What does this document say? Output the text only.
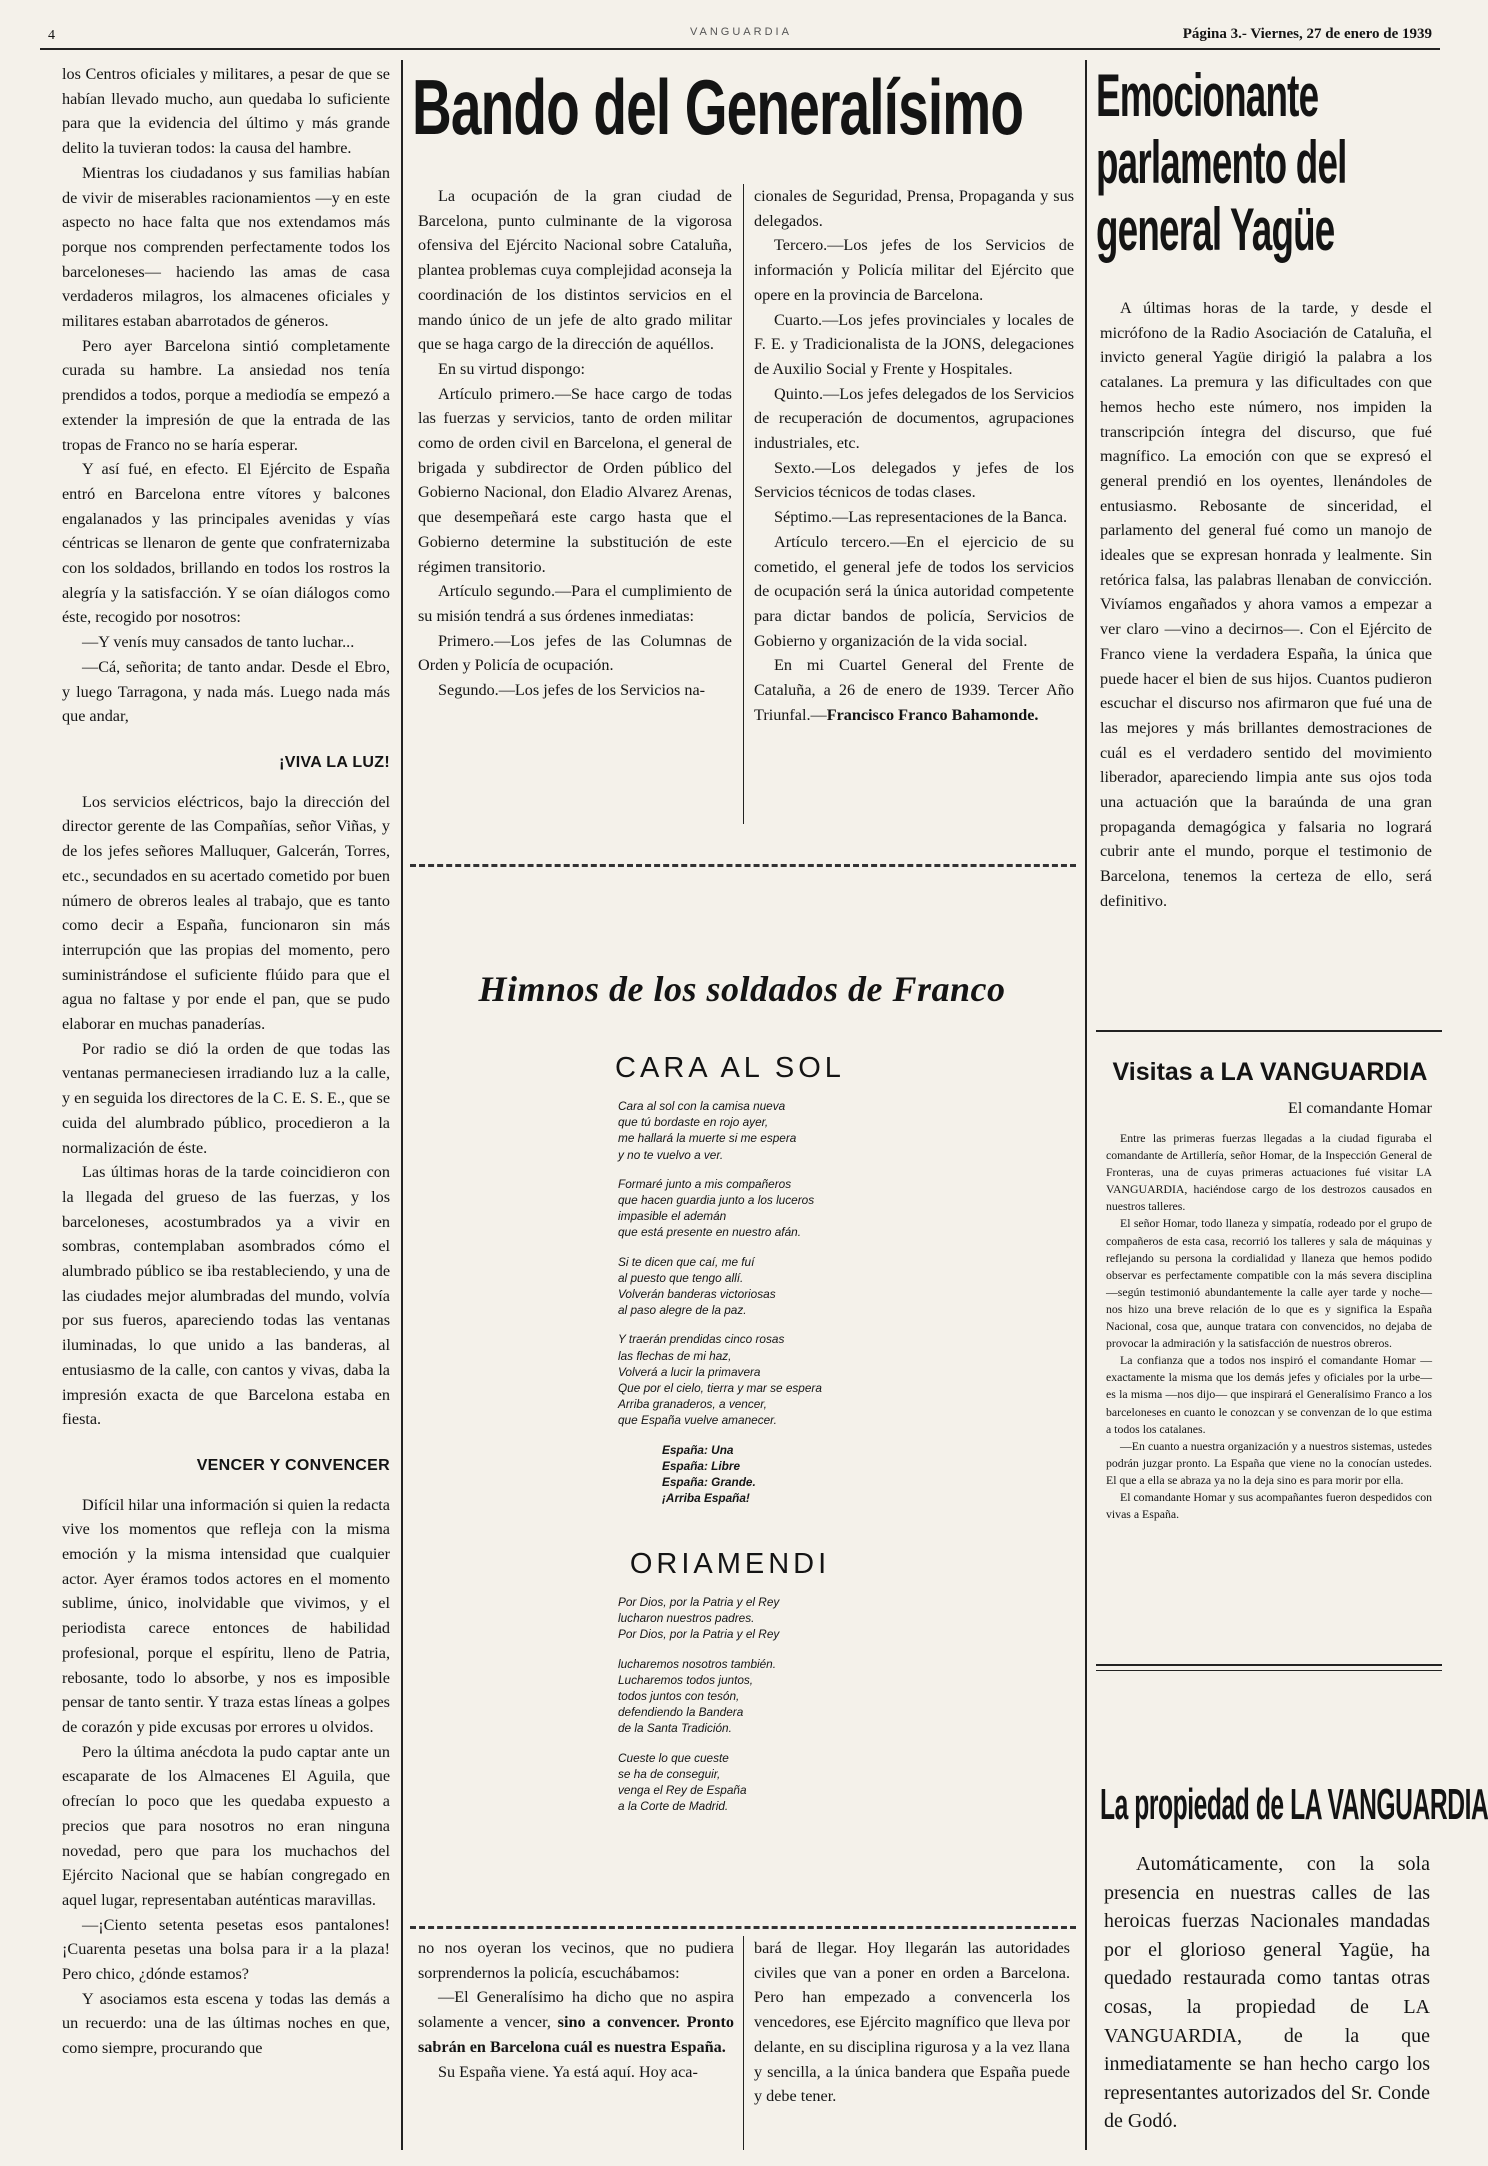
4	VANGUARDIA	Página 3.- Viernes, 27 de enero de 1939

los Centros oficiales y militares, a pesar de que se habían llevado mucho, aun quedaba lo suficiente para que la evidencia del último y más grande delito la tuvieran todos: la causa del hambre.

Mientras los ciudadanos y sus familias habían de vivir de miserables racionamientos —y en este aspecto no hace falta que nos extendamos más porque nos comprenden perfectamente todos los barceloneses— haciendo las amas de casa verdaderos milagros, los almacenes oficiales y militares estaban abarrotados de géneros.

Pero ayer Barcelona sintió completamente curada su hambre. La ansiedad nos tenía prendidos a todos, porque a mediodía se empezó a extender la impresión de que la entrada de las tropas de Franco no se haría esperar.

Y así fué, en efecto. El Ejército de España entró en Barcelona entre vítores y balcones engalanados y las principales avenidas y vías céntricas se llenaron de gente que confraternizaba con los soldados, brillando en todos los rostros la alegría y la satisfacción. Y se oían diálogos como éste, recogido por nosotros:

—Y venís muy cansados de tanto luchar...

—Cá, señorita; de tanto andar. Desde el Ebro, y luego Tarragona, y nada más. Luego nada más que andar,

¡VIVA LA LUZ!

Los servicios eléctricos, bajo la dirección del director gerente de las Compañías, señor Viñas, y de los jefes señores Malluquer, Galcerán, Torres, etc., secundados en su acertado cometido por buen número de obreros leales al trabajo, que es tanto como decir a España, funcionaron sin más interrupción que las propias del momento, pero suministrándose el suficiente flúido para que el agua no faltase y por ende el pan, que se pudo elaborar en muchas panaderías.

Por radio se dió la orden de que todas las ventanas permaneciesen irradiando luz a la calle, y en seguida los directores de la C. E. S. E., que se cuida del alumbrado público, procedieron a la normalización de éste.

Las últimas horas de la tarde coincidieron con la llegada del grueso de las fuerzas, y los barceloneses, acostumbrados ya a vivir en sombras, contemplaban asombrados cómo el alumbrado público se iba restableciendo, y una de las ciudades mejor alumbradas del mundo, volvía por sus fueros, apareciendo todas las ventanas iluminadas, lo que unido a las banderas, al entusiasmo de la calle, con cantos y vivas, daba la impresión exacta de que Barcelona estaba en fiesta.

VENCER Y CONVENCER

Difícil hilar una información si quien la redacta vive los momentos que refleja con la misma emoción y la misma intensidad que cualquier actor. Ayer éramos todos actores en el momento sublime, único, inolvidable que vivimos, y el periodista carece entonces de habilidad profesional, porque el espíritu, lleno de Patria, rebosante, todo lo absorbe, y nos es imposible pensar de tanto sentir. Y traza estas líneas a golpes de corazón y pide excusas por errores u olvidos.

Pero la última anécdota la pudo captar ante un escaparate de los Almacenes El Aguila, que ofrecían lo poco que les quedaba expuesto a precios que para nosotros no eran ninguna novedad, pero que para los muchachos del Ejército Nacional que se habían congregado en aquel lugar, representaban auténticas maravillas.

—¡Ciento setenta pesetas esos pantalones! ¡Cuarenta pesetas una bolsa para ir a la plaza! Pero chico, ¿dónde estamos?

Y asociamos esta escena y todas las demás a un recuerdo: una de las últimas noches en que, como siempre, procurando que

Bando del Generalísimo

La ocupación de la gran ciudad de Barcelona, punto culminante de la vigorosa ofensiva del Ejército Nacional sobre Cataluña, plantea problemas cuya complejidad aconseja la coordinación de los distintos servicios en el mando único de un jefe de alto grado militar que se haga cargo de la dirección de aquéllos.

En su virtud dispongo:

Artículo primero.—Se hace cargo de todas las fuerzas y servicios, tanto de orden militar como de orden civil en Barcelona, el general de brigada y subdirector de Orden público del Gobierno Nacional, don Eladio Alvarez Arenas, que desempeñará este cargo hasta que el Gobierno determine la substitución de este régimen transitorio.

Artículo segundo.—Para el cumplimiento de su misión tendrá a sus órdenes inmediatas:

Primero.—Los jefes de las Columnas de Orden y Policía de ocupación.

Segundo.—Los jefes de los Servicios na-

cionales de Seguridad, Prensa, Propaganda y sus delegados.

Tercero.—Los jefes de los Servicios de información y Policía militar del Ejército que opere en la provincia de Barcelona.

Cuarto.—Los jefes provinciales y locales de F. E. y Tradicionalista de la JONS, delegaciones de Auxilio Social y Frente y Hospitales.

Quinto.—Los jefes delegados de los Servicios de recuperación de documentos, agrupaciones industriales, etc.

Sexto.—Los delegados y jefes de los Servicios técnicos de todas clases.

Séptimo.—Las representaciones de la Banca.

Artículo tercero.—En el ejercicio de su cometido, el general jefe de todos los servicios de ocupación será la única autoridad competente para dictar bandos de policía, Servicios de Gobierno y organización de la vida social.

En mi Cuartel General del Frente de Cataluña, a 26 de enero de 1939. Tercer Año Triunfal.—Francisco Franco Bahamonde.

Himnos de los soldados de Franco
CARA AL SOL
Cara al sol con la camisa nueva
que tú bordaste en rojo ayer,
me hallará la muerte si me espera
y no te vuelvo a ver.
Formaré junto a mis compañeros
que hacen guardia junto a los luceros
impasible el ademán
que está presente en nuestro afán.
Si te dicen que caí, me fuí
al puesto que tengo allí.
Volverán banderas victoriosas
al paso alegre de la paz.
Y traerán prendidas cinco rosas
las flechas de mi haz,
Volverá a lucir la primavera
Que por el cielo, tierra y mar se espera
Arriba granaderos, a vencer,
que España vuelve amanecer.
España: Una
España: Libre
España: Grande.
¡Arriba España!
ORIAMENDI
Por Dios, por la Patria y el Rey
lucharon nuestros padres.
Por Dios, por la Patria y el Rey
lucharemos nosotros también.
Lucharemos todos juntos,
todos juntos con tesón,
defendiendo la Bandera
de la Santa Tradición.
Cueste lo que cueste
se ha de conseguir,
venga el Rey de España
a la Corte de Madrid.

no nos oyeran los vecinos, que no pudiera sorprendernos la policía, escuchábamos:

—El Generalísimo ha dicho que no aspira solamente a vencer, sino a convencer. Pronto sabrán en Barcelona cuál es nuestra España.

Su España viene. Ya está aquí. Hoy aca-

bará de llegar. Hoy llegarán las autoridades civiles que van a poner en orden a Barcelona. Pero han empezado a convencerla los vencedores, ese Ejército magnífico que lleva por delante, en su disciplina rigurosa y a la vez llana y sencilla, a la única bandera que España puede y debe tener.

Emocionante
parlamento del
general Yagüe

A últimas horas de la tarde, y desde el micrófono de la Radio Asociación de Cataluña, el invicto general Yagüe dirigió la palabra a los catalanes. La premura y las dificultades con que hemos hecho este número, nos impiden la transcripción íntegra del discurso, que fué magnífico. La emoción con que se expresó el general prendió en los oyentes, llenándoles de entusiasmo. Rebosante de sinceridad, el parlamento del general fué como un manojo de ideales que se expresan honrada y lealmente. Sin retórica falsa, las palabras llenaban de convicción. Vivíamos engañados y ahora vamos a empezar a ver claro —vino a decirnos—. Con el Ejército de Franco viene la verdadera España, la única que puede hacer el bien de sus hijos. Cuantos pudieron escuchar el discurso nos afirmaron que fué una de las mejores y más brillantes demostraciones de cuál es el verdadero sentido del movimiento liberador, apareciendo limpia ante sus ojos toda una actuación que la baraúnda de una gran propaganda demagógica y falsaria no logrará cubrir ante el mundo, porque el testimonio de Barcelona, tenemos la certeza de ello, será definitivo.

Visitas a LA VANGUARDIA
El comandante Homar

Entre las primeras fuerzas llegadas a la ciudad figuraba el comandante de Artillería, señor Homar, de la Inspección General de Fronteras, una de cuyas primeras actuaciones fué visitar LA VANGUARDIA, haciéndose cargo de los destrozos causados en nuestros talleres.

El señor Homar, todo llaneza y simpatía, rodeado por el grupo de compañeros de esta casa, recorrió los talleres y sala de máquinas y reflejando su persona la cordialidad y llaneza que hemos podido observar es perfectamente compatible con la más severa disciplina —según testimonió abundantemente la calle ayer tarde y noche— nos hizo una breve relación de lo que es y significa la España Nacional, cosa que, aunque tratara con convencidos, no dejaba de provocar la admiración y la satisfacción de nuestros obreros.

La confianza que a todos nos inspiró el comandante Homar —exactamente la misma que los demás jefes y oficiales por la urbe— es la misma —nos dijo— que inspirará el Generalísimo Franco a los barceloneses en cuanto le conozcan y se convenzan de lo que estima a todos los catalanes.

—En cuanto a nuestra organización y a nuestros sistemas, ustedes podrán juzgar pronto. La España que viene no la conocían ustedes. El que a ella se abraza ya no la deja sino es para morir por ella.

El comandante Homar y sus acompañantes fueron despedidos con vivas a España.

La propiedad de LA VANGUARDIA

Automáticamente, con la sola presencia en nuestras calles de las heroicas fuerzas Nacionales mandadas por el glorioso general Yagüe, ha quedado restaurada como tantas otras cosas, la propiedad de LA VANGUARDIA, de la que inmediatamente se han hecho cargo los representantes autorizados del Sr. Conde de Godó.
